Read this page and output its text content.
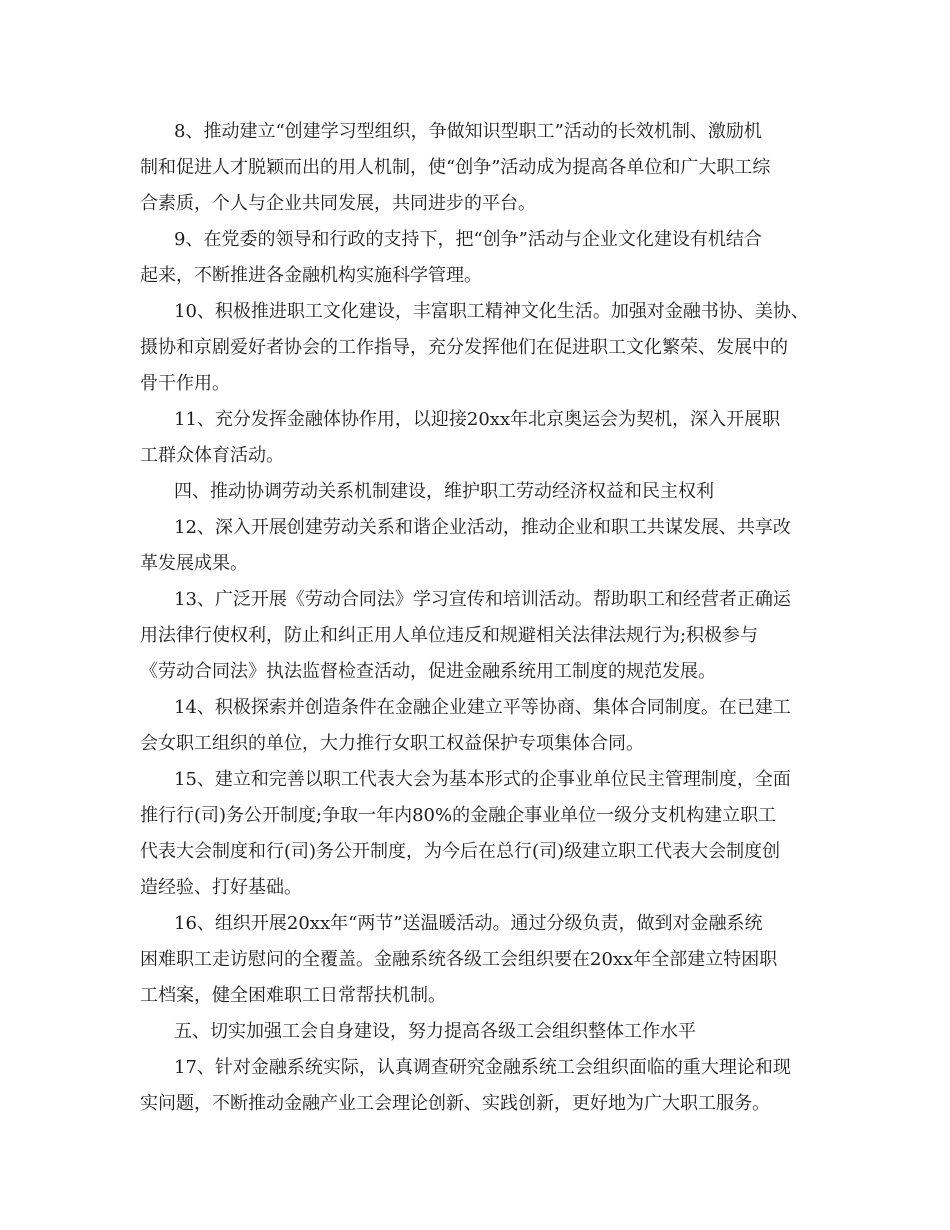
8、推动建立“创建学习型组织，争做知识型职工”活动的长效机制、激励机
制和促进人才脱颖而出的用人机制，使“创争”活动成为提高各单位和广大职工综
合素质，个人与企业共同发展，共同进步的平台。
9、在党委的领导和行政的支持下，把“创争”活动与企业文化建设有机结合
起来，不断推进各金融机构实施科学管理。
10、积极推进职工文化建设，丰富职工精神文化生活。加强对金融书协、美协、
摄协和京剧爱好者协会的工作指导，充分发挥他们在促进职工文化繁荣、发展中的
骨干作用。
11、充分发挥金融体协作用，以迎接20xx年北京奥运会为契机，深入开展职
工群众体育活动。
四、推动协调劳动关系机制建设，维护职工劳动经济权益和民主权利
12、深入开展创建劳动关系和谐企业活动，推动企业和职工共谋发展、共享改
革发展成果。
13、广泛开展《劳动合同法》学习宣传和培训活动。帮助职工和经营者正确运
用法律行使权利，防止和纠正用人单位违反和规避相关法律法规行为;积极参与
《劳动合同法》执法监督检查活动，促进金融系统用工制度的规范发展。
14、积极探索并创造条件在金融企业建立平等协商、集体合同制度。在已建工
会女职工组织的单位，大力推行女职工权益保护专项集体合同。
15、建立和完善以职工代表大会为基本形式的企事业单位民主管理制度，全面
推行行(司)务公开制度;争取一年内80%的金融企事业单位一级分支机构建立职工
代表大会制度和行(司)务公开制度，为今后在总行(司)级建立职工代表大会制度创
造经验、打好基础。
16、组织开展20xx年“两节”送温暖活动。通过分级负责，做到对金融系统
困难职工走访慰问的全覆盖。金融系统各级工会组织要在20xx年全部建立特困职
工档案，健全困难职工日常帮扶机制。
五、切实加强工会自身建设，努力提高各级工会组织整体工作水平
17、针对金融系统实际，认真调查研究金融系统工会组织面临的重大理论和现
实问题，不断推动金融产业工会理论创新、实践创新，更好地为广大职工服务。
